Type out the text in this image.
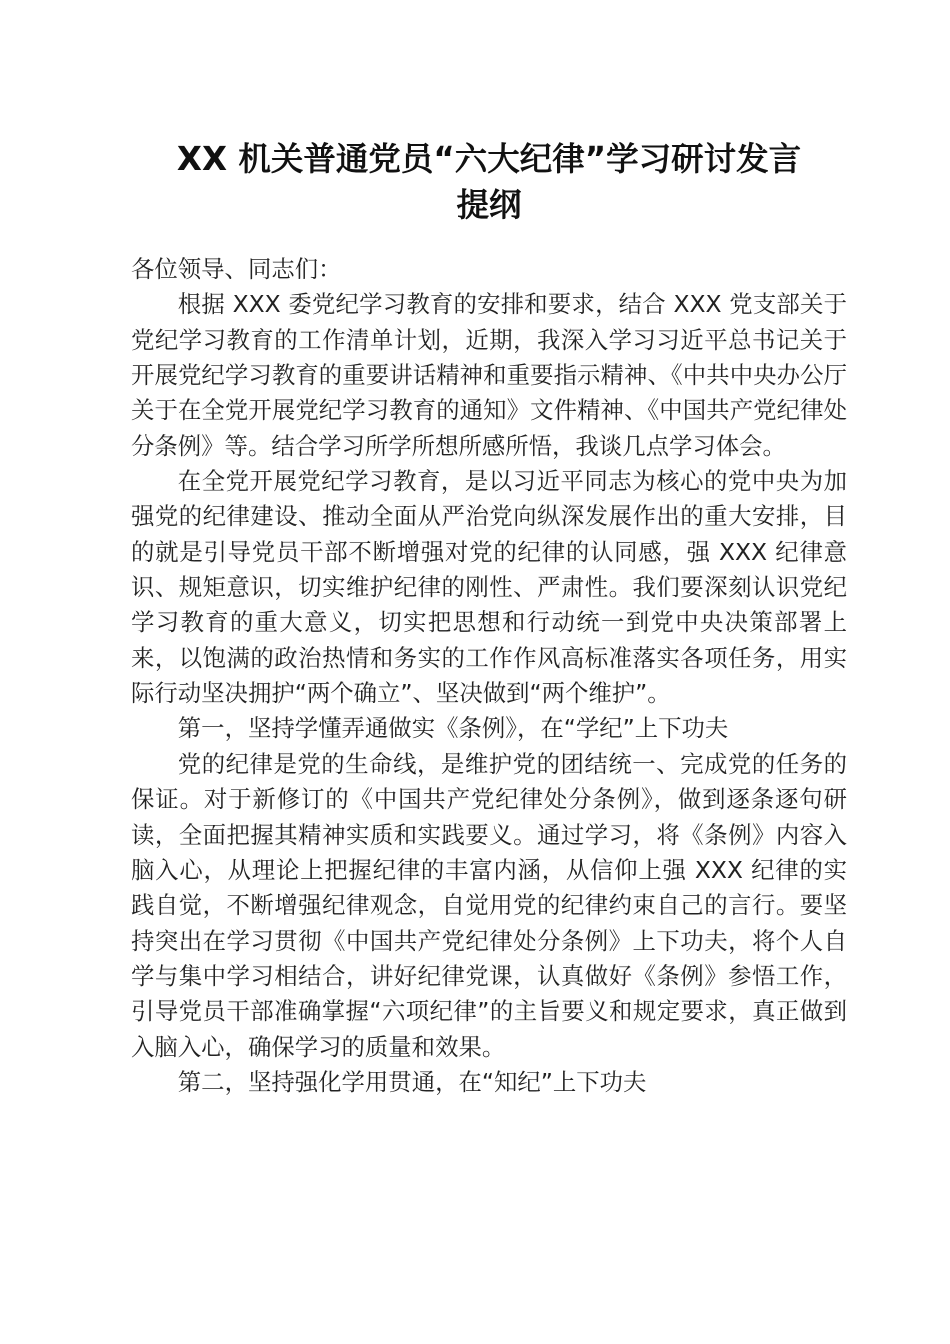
XX 机关普通党员“六大纪律”学习研讨发言
提纲

各位领导、同志们：

根据 XXX 委党纪学习教育的安排和要求，结合 XXX 党支部关于党纪学习教育的工作清单计划，近期，我深入学习习近平总书记关于开展党纪学习教育的重要讲话精神和重要指示精神、《中共中央办公厅关于在全党开展党纪学习教育的通知》文件精神、《中国共产党纪律处分条例》等。结合学习所学所想所感所悟，我谈几点学习体会。

在全党开展党纪学习教育，是以习近平同志为核心的党中央为加强党的纪律建设、推动全面从严治党向纵深发展作出的重大安排，目的就是引导党员干部不断增强对党的纪律的认同感，强 XXX 纪律意识、规矩意识，切实维护纪律的刚性、严肃性。我们要深刻认识党纪学习教育的重大意义，切实把思想和行动统一到党中央决策部署上来，以饱满的政治热情和务实的工作作风高标准落实各项任务，用实际行动坚决拥护“两个确立”、坚决做到“两个维护”。

第一，坚持学懂弄通做实《条例》，在“学纪”上下功夫

党的纪律是党的生命线，是维护党的团结统一、完成党的任务的保证。对于新修订的《中国共产党纪律处分条例》，做到逐条逐句研读，全面把握其精神实质和实践要义。通过学习，将《条例》内容入脑入心，从理论上把握纪律的丰富内涵，从信仰上强 XXX 纪律的实践自觉，不断增强纪律观念，自觉用党的纪律约束自己的言行。要坚持突出在学习贯彻《中国共产党纪律处分条例》上下功夫，将个人自学与集中学习相结合，讲好纪律党课，认真做好《条例》参悟工作，引导党员干部准确掌握“六项纪律”的主旨要义和规定要求，真正做到入脑入心，确保学习的质量和效果。

第二，坚持强化学用贯通，在“知纪”上下功夫
